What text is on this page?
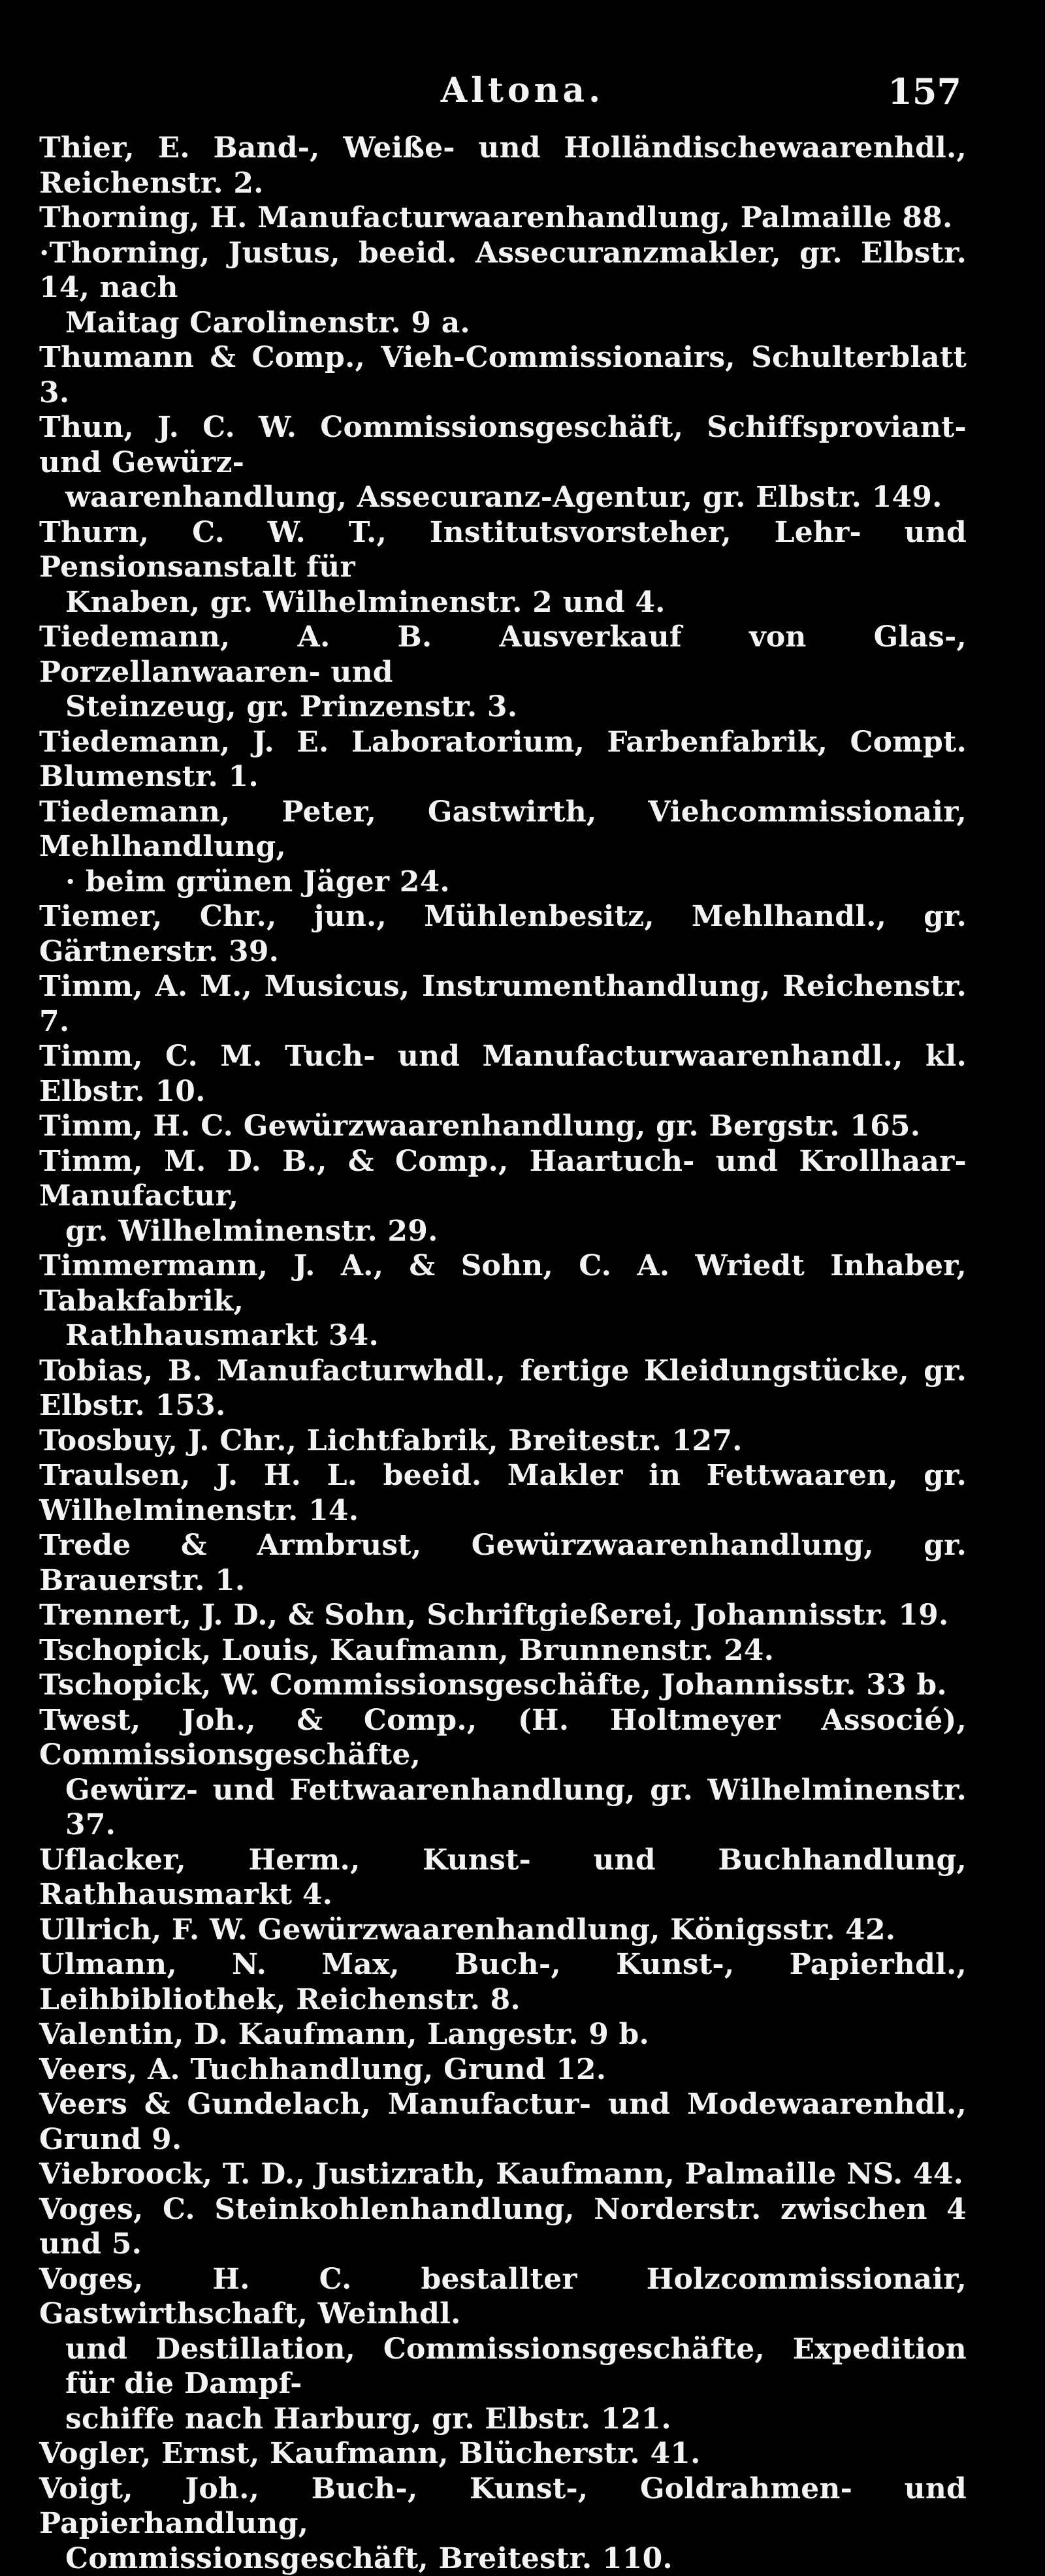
Altona.	157
Thier, E. Band-, Weiße- und Holländischewaarenhdl., Reichenstr. 2.
Thorning, H. Manufacturwaarenhandlung, Palmaille 88.
·Thorning, Justus, beeid. Assecuranzmakler, gr. Elbstr. 14, nach
Maitag Carolinenstr. 9 a.
Thumann & Comp., Vieh-Commissionairs, Schulterblatt 3.
Thun, J. C. W. Commissionsgeschäft, Schiffsproviant- und Gewürz-
waarenhandlung, Assecuranz-Agentur, gr. Elbstr. 149.
Thurn, C. W. T., Institutsvorsteher, Lehr- und Pensionsanstalt für
Knaben, gr. Wilhelminenstr. 2 und 4.
Tiedemann, A. B. Ausverkauf von Glas-, Porzellanwaaren- und
Steinzeug, gr. Prinzenstr. 3.
Tiedemann, J. E. Laboratorium, Farbenfabrik, Compt. Blumenstr. 1.
Tiedemann, Peter, Gastwirth, Viehcommissionair, Mehlhandlung,
· beim grünen Jäger 24.
Tiemer, Chr., jun., Mühlenbesitz, Mehlhandl., gr. Gärtnerstr. 39.
Timm, A. M., Musicus, Instrumenthandlung, Reichenstr. 7.
Timm, C. M. Tuch- und Manufacturwaarenhandl., kl. Elbstr. 10.
Timm, H. C. Gewürzwaarenhandlung, gr. Bergstr. 165.
Timm, M. D. B., & Comp., Haartuch- und Krollhaar-Manufactur,
gr. Wilhelminenstr. 29.
Timmermann, J. A., & Sohn, C. A. Wriedt Inhaber, Tabakfabrik,
Rathhausmarkt 34.
Tobias, B. Manufacturwhdl., fertige Kleidungstücke, gr. Elbstr. 153.
Toosbuy, J. Chr., Lichtfabrik, Breitestr. 127.
Traulsen, J. H. L. beeid. Makler in Fettwaaren, gr. Wilhelminenstr. 14.
Trede & Armbrust, Gewürzwaarenhandlung, gr. Brauerstr. 1.
Trennert, J. D., & Sohn, Schriftgießerei, Johannisstr. 19.
Tschopick, Louis, Kaufmann, Brunnenstr. 24.
Tschopick, W. Commissionsgeschäfte, Johannisstr. 33 b.
Twest, Joh., & Comp., (H. Holtmeyer Associé), Commissionsgeschäfte,
Gewürz- und Fettwaarenhandlung, gr. Wilhelminenstr. 37.
Uflacker, Herm., Kunst- und Buchhandlung, Rathhausmarkt 4.
Ullrich, F. W. Gewürzwaarenhandlung, Königsstr. 42.
Ulmann, N. Max, Buch-, Kunst-, Papierhdl., Leihbibliothek, Reichenstr. 8.
Valentin, D. Kaufmann, Langestr. 9 b.
Veers, A. Tuchhandlung, Grund 12.
Veers & Gundelach, Manufactur- und Modewaarenhdl., Grund 9.
Viebroock, T. D., Justizrath, Kaufmann, Palmaille NS. 44.
Voges, C. Steinkohlenhandlung, Norderstr. zwischen 4 und 5.
Voges, H. C. bestallter Holzcommissionair, Gastwirthschaft, Weinhdl.
und Destillation, Commissionsgeschäfte, Expedition für die Dampf-
schiffe nach Harburg, gr. Elbstr. 121.
Vogler, Ernst, Kaufmann, Blücherstr. 41.
Voigt, Joh., Buch-, Kunst-, Goldrahmen- und Papierhandlung,
Commissionsgeschäft, Breitestr. 110.
